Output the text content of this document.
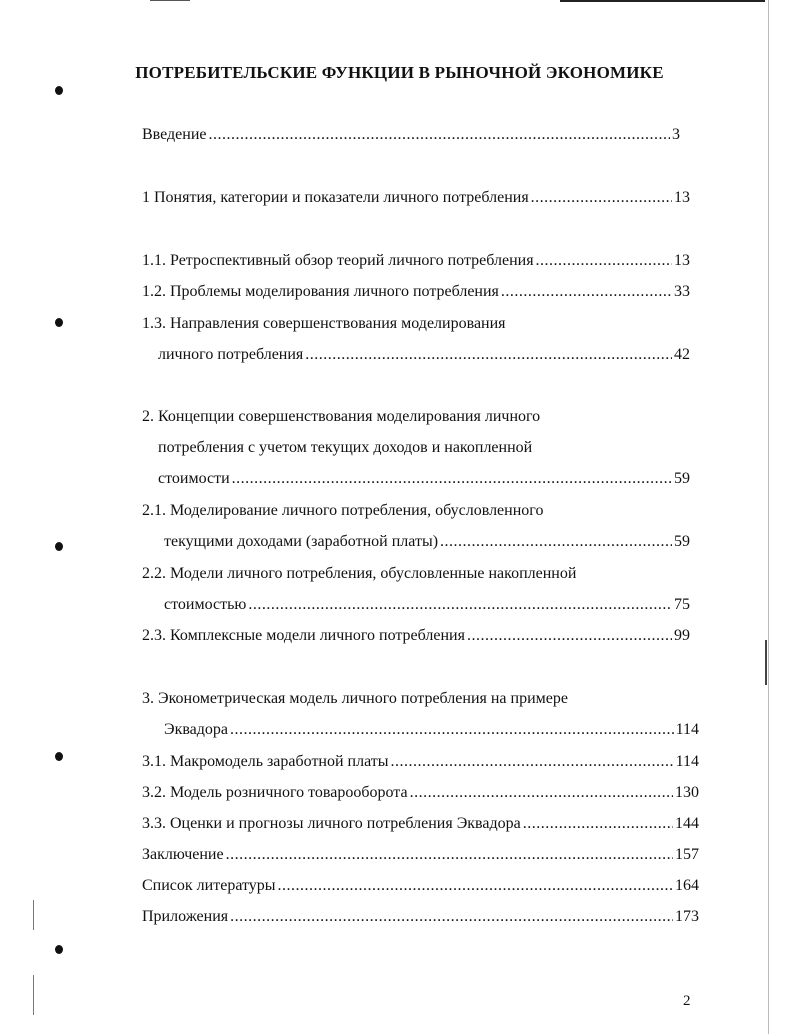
ПОТРЕБИТЕЛЬСКИЕ ФУНКЦИИ В РЫНОЧНОЙ ЭКОНОМИКЕ
Введение .....	3
1 Понятия, категории и показатели личного потребления .....	13
1.1. Ретроспективный обзор теорий личного потребления .....	13
1.2. Проблемы моделирования личного потребления .....	33
1.3. Направления совершенствования моделирования
личного потребления .....	42
2. Концепции совершенствования моделирования личного
потребления с учетом текущих доходов и накопленной
стоимости .....	59
2.1. Моделирование личного потребления, обусловленного
текущими доходами (заработной платы) .....	59
2.2. Модели личного потребления, обусловленные накопленной
стоимостью .....	75
2.3. Комплексные модели личного потребления .....	99
3. Эконометрическая модель личного потребления на примере
Эквадора .....	114
3.1. Макромодель заработной платы .....	114
3.2. Модель розничного товарооборота .....	130
3.3. Оценки и прогнозы личного потребления Эквадора .....	144
Заключение .....	157
Список литературы .....	164
Приложения .....	173
2
